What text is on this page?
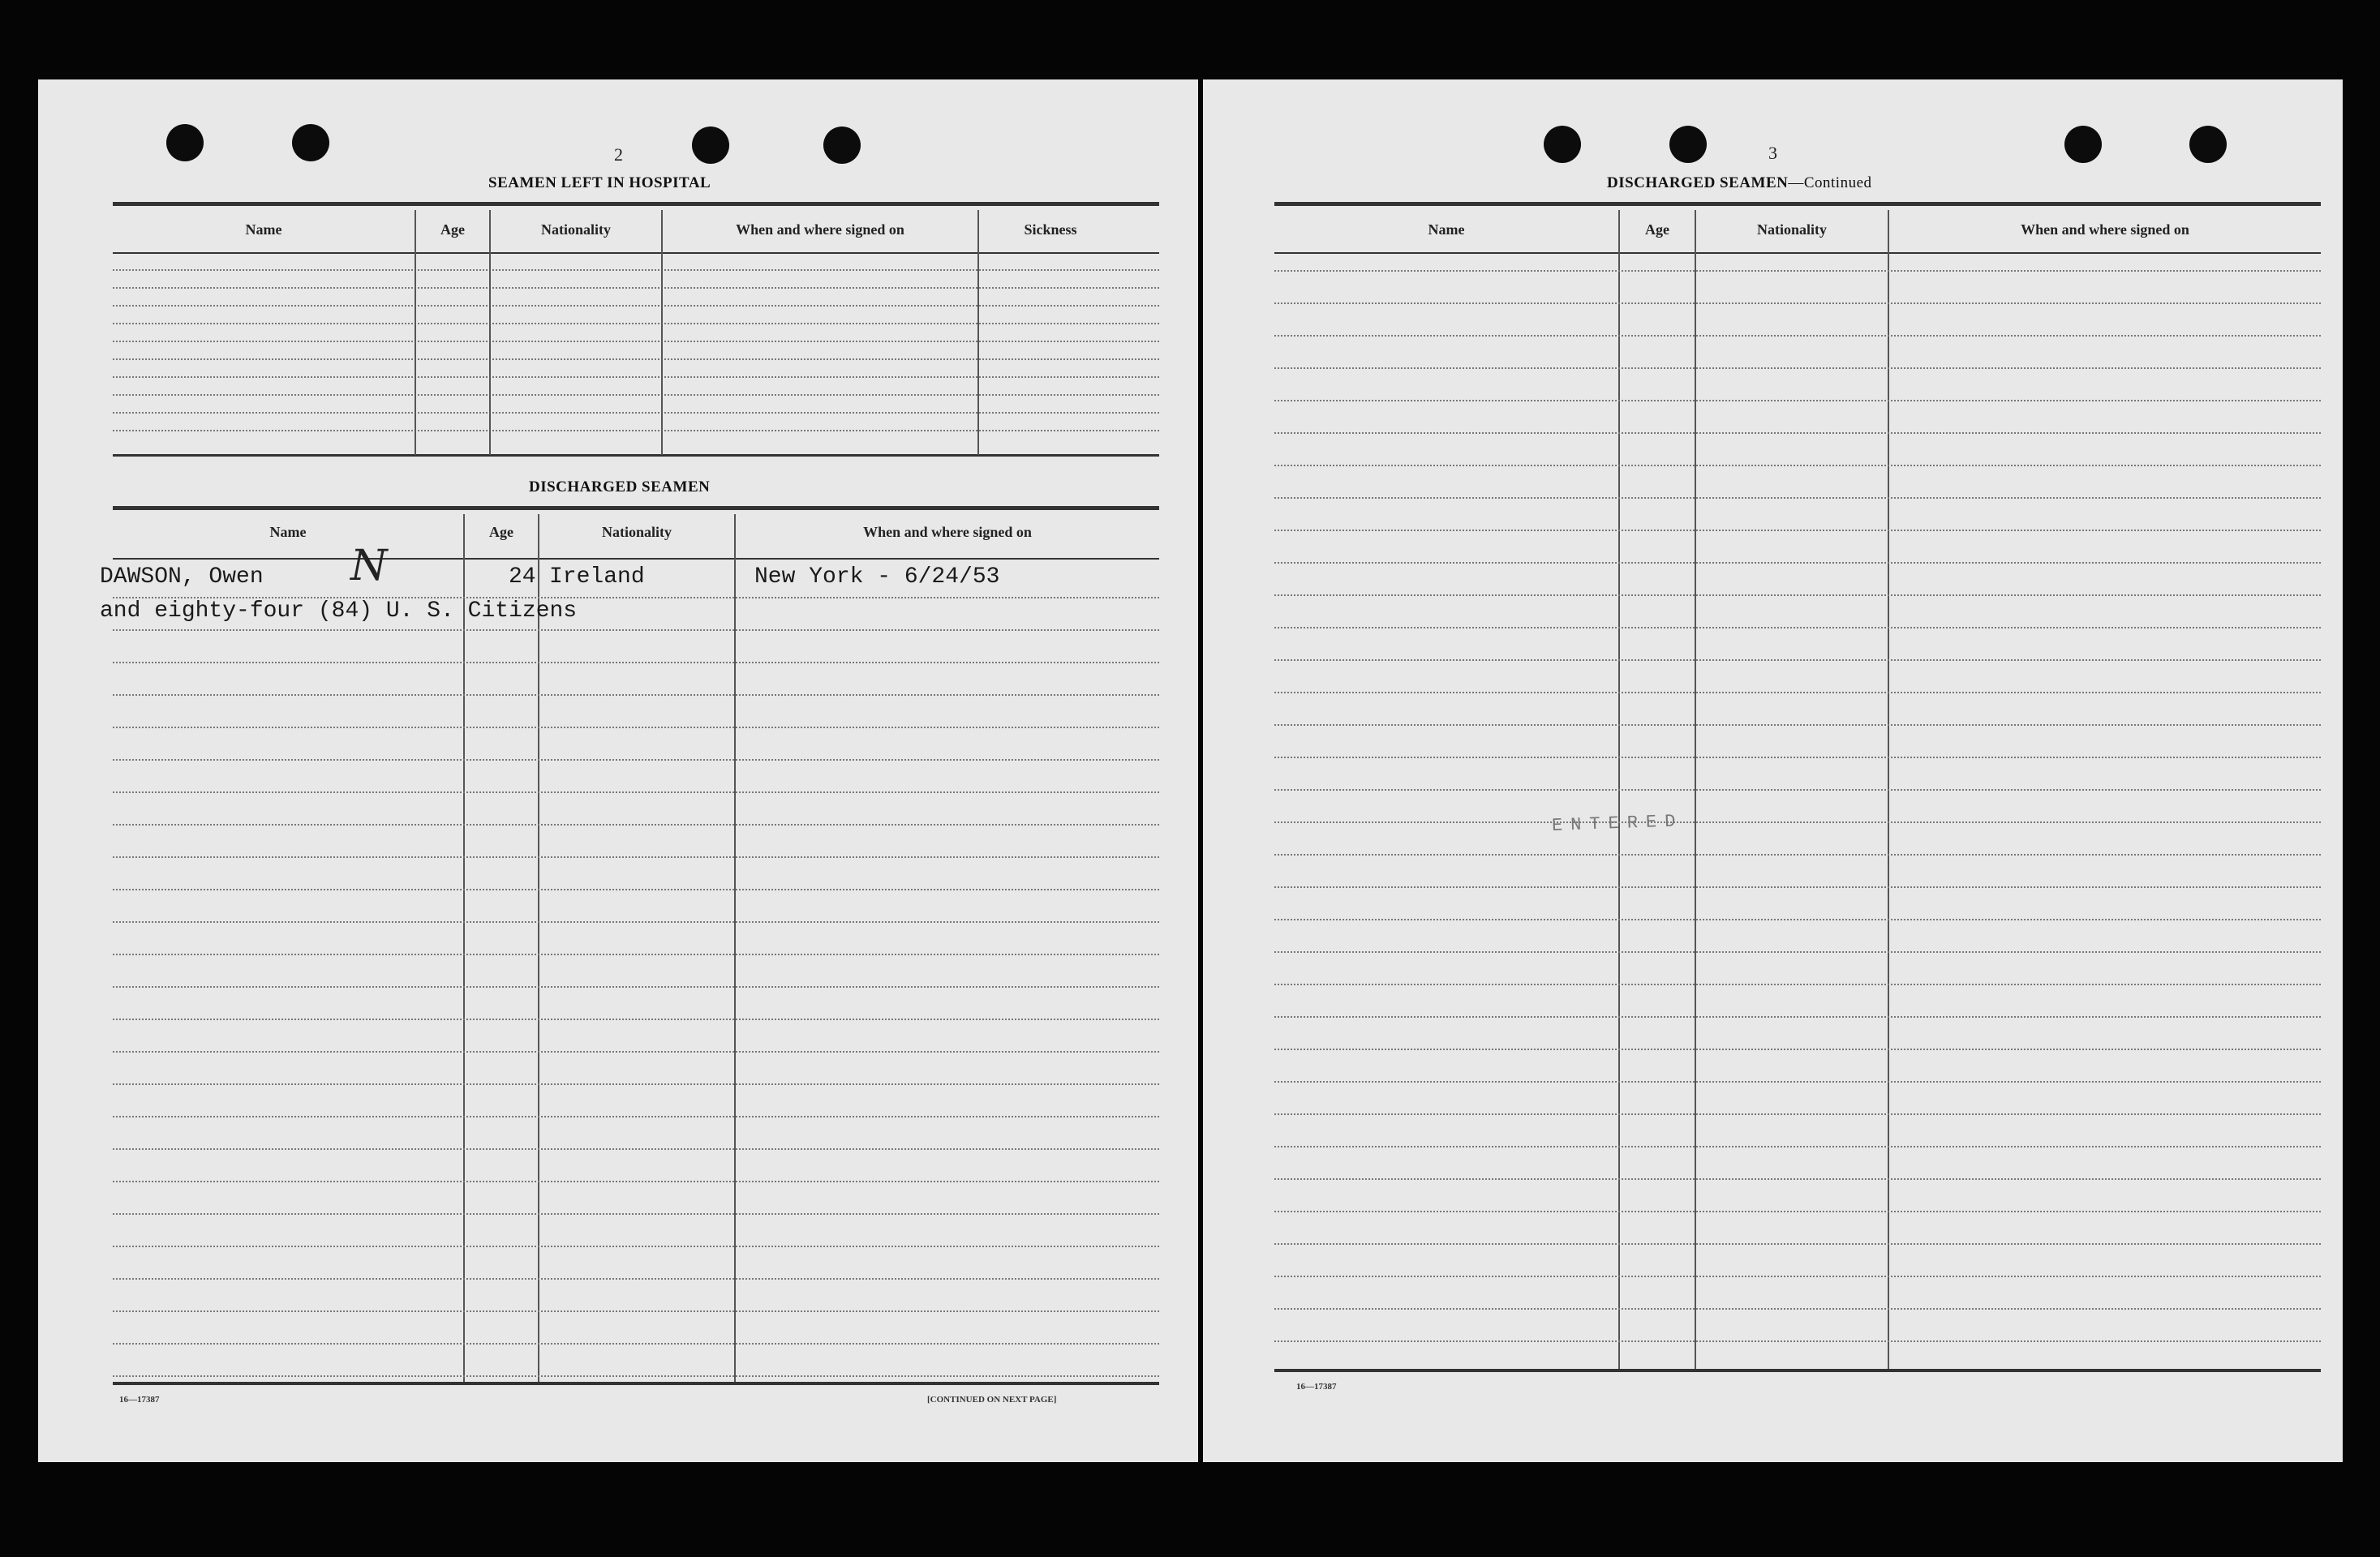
2
SEAMEN LEFT IN HOSPITAL
Name	Age	Nationality	When and where signed on	Sickness
DISCHARGED SEAMEN
Name	Age	Nationality	When and where signed on
DAWSON, Owen N	24 Ireland	New York - 6/24/53
and eighty-four (84) U. S. Citizens
16—17387	[CONTINUED ON NEXT PAGE]
3
DISCHARGED SEAMEN—Continued
Name	Age	Nationality	When and where signed on
ENTERED
16—17387
